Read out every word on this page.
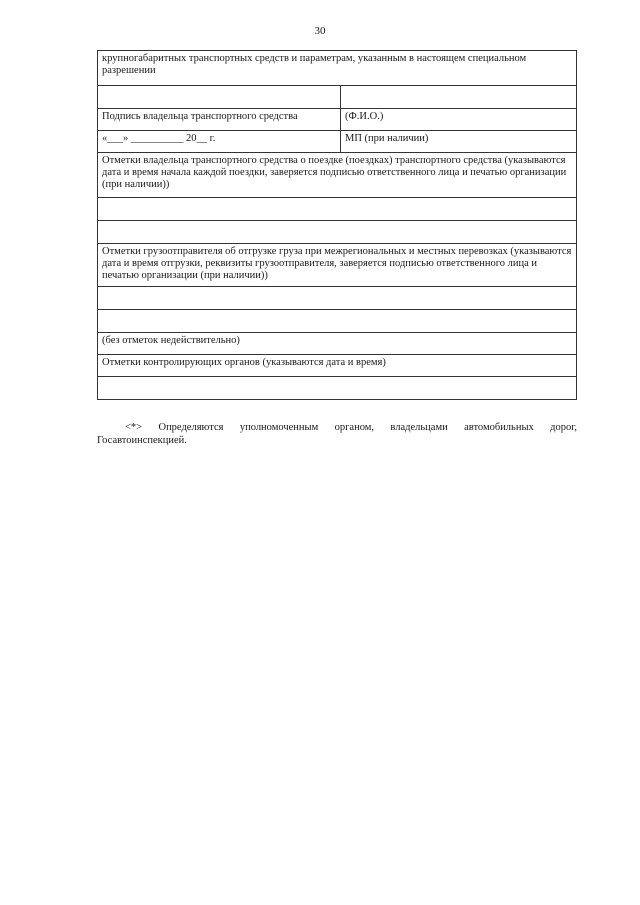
30
крупногабаритных транспортных средств и параметрам, указанным в настоящем специальном разрешении	

Подпись владельца транспортного средства	(Ф.И.О.)
«___» __________ 20__ г.	МП (при наличии)
Отметки владельца транспортного средства о поездке (поездках) транспортного средства (указываются дата и время начала каждой поездки, заверяется подписью ответственного лица и печатью организации (при наличии))	

Отметки грузоотправителя об отгрузке груза при межрегиональных и местных перевозках (указываются дата и время отгрузки, реквизиты грузоотправителя, заверяется подписью ответственного лица и печатью организации (при наличии))	

(без отметок недействительно)	
Отметки контролирующих органов (указываются дата и время)	

<*> Определяются уполномоченным органом, владельцами автомобильных дорог, Госавтоинспекцией.
